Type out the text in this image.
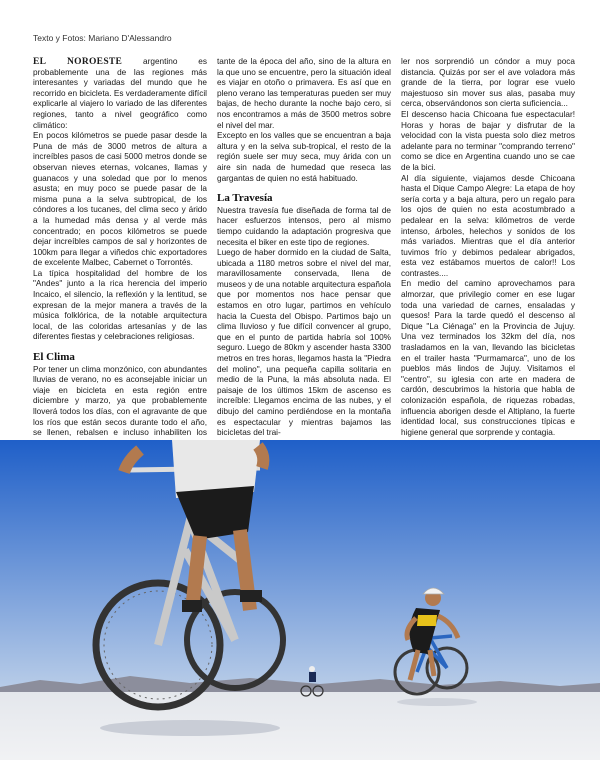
Texto y Fotos: Mariano D'Alessandro

EL NOROESTE argentino es probablemente una de las regiones más interesantes y variadas del mundo que he recorrido en bicicleta. Es verdaderamente difícil explicarle al viajero lo variado de las diferentes regiones, tanto a nivel geográfico como climático:

En pocos kilómetros se puede pasar desde la Puna de más de 3000 metros de altura a increíbles pasos de casi 5000 metros donde se observan nieves eternas, volcanes, llamas y guanacos y una soledad que por lo menos asusta; en muy poco se puede pasar de la misma puna a la selva subtropical, de los cóndores a los tucanes, del clima seco y árido a la humedad más densa y al verde más concentrado; en pocos kilómetros se puede dejar increíbles campos de sal y horizontes de 100km para llegar a viñedos chic exportadores de excelente Malbec, Cabernet o Torrontés.

La típica hospitalidad del hombre de los "Andes" junto a la rica herencia del imperio Incaico, el silencio, la reflexión y la lentitud, se expresan de la mejor manera a través de la música folklórica, de la notable arquitectura local, de las coloridas artesanías y de las diferentes fiestas y celebraciones religiosas.

El Clima

Por tener un clima monzónico, con abundantes lluvias de verano, no es aconsejable iniciar un viaje en bicicleta en esta región entre diciembre y marzo, ya que probablemente lloverá todos los días, con el agravante de que los ríos que están secos durante todo el año, se llenen, rebalsen e incluso inhabiliten los

tante de la época del año, sino de la altura en la que uno se encuentre, pero la situación ideal es viajar en otoño o primavera. Es así que en pleno verano las temperaturas pueden ser muy bajas, de hecho durante la noche bajo cero, si nos encontramos a más de 3500 metros sobre el nivel del mar.

Excepto en los valles que se encuentran a baja altura y en la selva sub-tropical, el resto de la región suele ser muy seca, muy árida con un aire sin nada de humedad que reseca las gargantas de quien no está habituado.

La Travesía

Nuestra travesía fue diseñada de forma tal de hacer esfuerzos intensos, pero al mismo tiempo cuidando la adaptación progresiva que necesita el biker en este tipo de regiones.

Luego de haber dormido en la ciudad de Salta, ubicada a 1180 metros sobre el nivel del mar, maravillosamente conservada, llena de museos y de una notable arquitectura española que por momentos nos hace pensar que estamos en otro lugar, partimos en vehículo hacia la Cuesta del Obispo. Partimos bajo un clima lluvioso y fue difícil convencer al grupo, que en el punto de partida habría sol 100% seguro. Luego de 80km y ascender hasta 3300 metros en tres horas, llegamos hasta la "Piedra del molino", una pequeña capilla solitaria en medio de la Puna, la más absoluta nada. El paisaje de los últimos 15km de ascenso es increíble: Llegamos encima de las nubes, y el dibujo del camino perdiéndose en la montaña es espectacular y mientras bajamos las bicicletas del trai-

ler nos sorprendió un cóndor a muy poca distancia. Quizás por ser el ave voladora más grande de la tierra, por lograr ese vuelo majestuoso sin mover sus alas, pasaba muy cerca, observándonos son cierta suficiencia...

El descenso hacia Chicoana fue espectacular! Horas y horas de bajar y disfrutar de la velocidad con la vista puesta solo diez metros adelante para no terminar "comprando terreno" como se dice en Argentina cuando uno se cae de la bici.

Al día siguiente, viajamos desde Chicoana hasta el Dique Campo Alegre: La etapa de hoy sería corta y a baja altura, pero un regalo para los ojos de quien no esta acostumbrado a pedalear en la selva: kilómetros de verde intenso, árboles, helechos y sonidos de los más variados. Mientras que el día anterior tuvimos frío y debimos pedalear abrigados, esta vez estábamos muertos de calor!! Los contrastes....

En medio del camino aprovechamos para almorzar, que privilegio comer en ese lugar toda una variedad de carnes, ensaladas y quesos! Para la tarde quedó el descenso al Dique "La Ciénaga" en la Provincia de Jujuy. Una vez terminados los 32km del día, nos trasladamos en la van, llevando las bicicletas en el trailer hasta "Purmamarca", uno de los pueblos más lindos de Jujuy. Visitamos el "centro", su iglesia con arte en madera de cardón, descubrimos la historia que habla de colonización española, de riquezas robadas, influencia aborigen desde el Altiplano, la fuerte identidad local, sus construcciones típicas e higiene general que sorprende y contagia.
